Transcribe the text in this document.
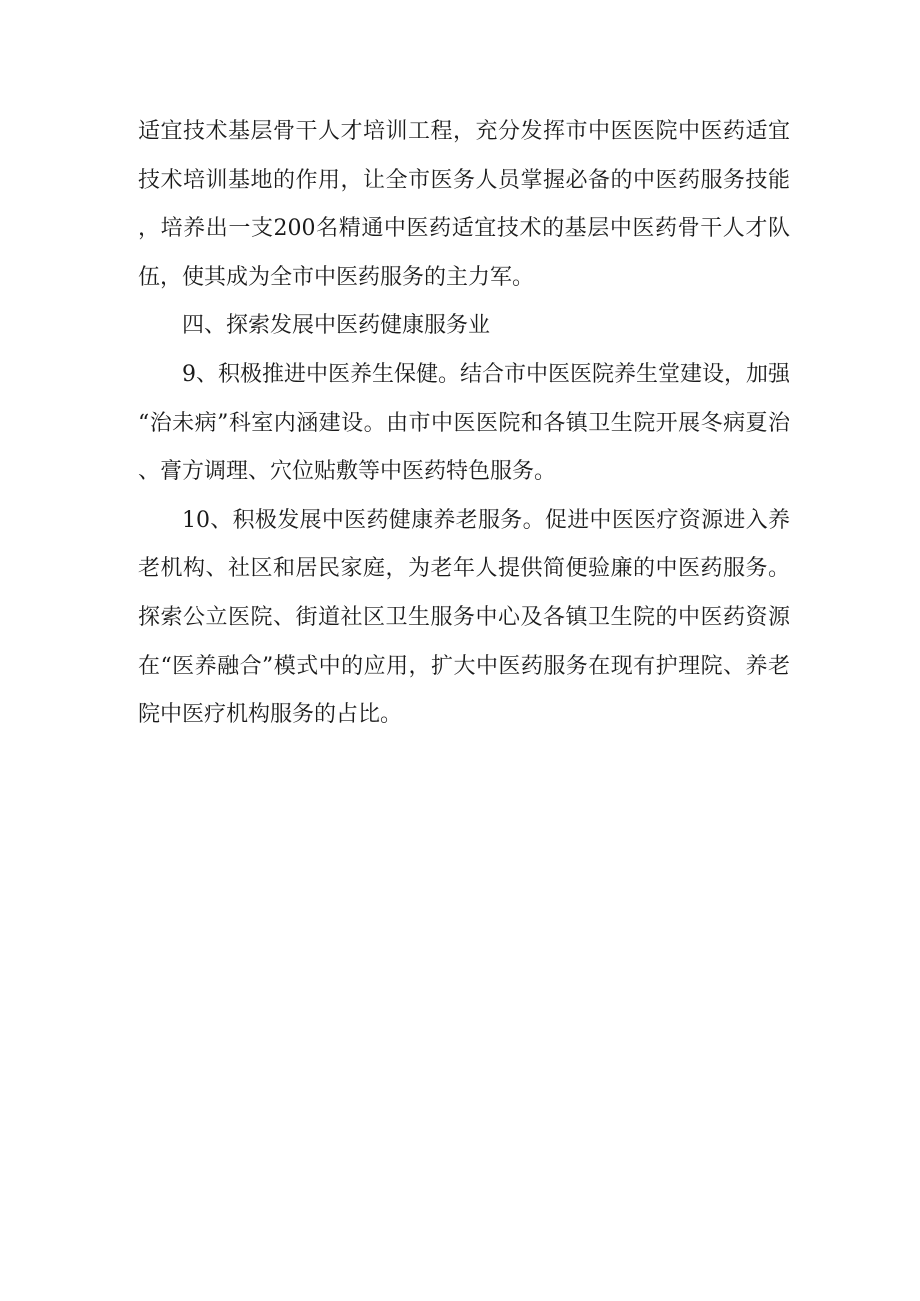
适宜技术基层骨干人才培训工程，充分发挥市中医医院中医药适宜技术培训基地的作用，让全市医务人员掌握必备的中医药服务技能，培养出一支200名精通中医药适宜技术的基层中医药骨干人才队伍，使其成为全市中医药服务的主力军。

四、探索发展中医药健康服务业

9、积极推进中医养生保健。结合市中医医院养生堂建设，加强“治未病”科室内涵建设。由市中医医院和各镇卫生院开展冬病夏治、膏方调理、穴位贴敷等中医药特色服务。

10、积极发展中医药健康养老服务。促进中医医疗资源进入养老机构、社区和居民家庭，为老年人提供简便验廉的中医药服务。探索公立医院、街道社区卫生服务中心及各镇卫生院的中医药资源在“医养融合”模式中的应用，扩大中医药服务在现有护理院、养老院中医疗机构服务的占比。
